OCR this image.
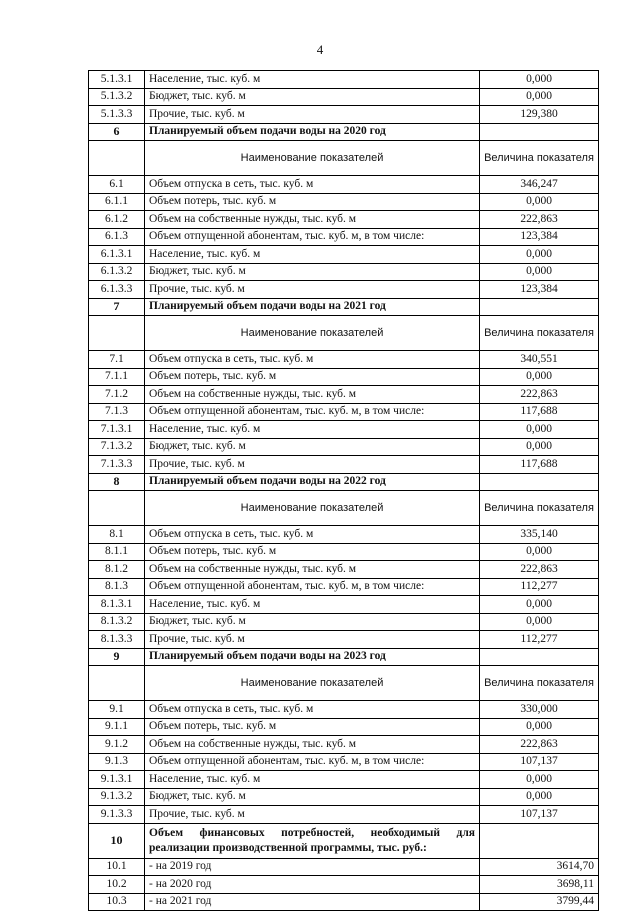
4
5.1.3.1	Население, тыс. куб. м	0,000
5.1.3.2	Бюджет, тыс. куб. м	0,000
5.1.3.3	Прочие, тыс. куб. м	129,380
6	Планируемый объем подачи воды на 2020 год	
	Наименование показателей	Величина показателя
6.1	Объем отпуска в сеть, тыс. куб. м	346,247
6.1.1	Объем потерь, тыс. куб. м	0,000
6.1.2	Объем на собственные нужды, тыс. куб. м	222,863
6.1.3	Объем отпущенной абонентам, тыс. куб. м, в том числе:	123,384
6.1.3.1	Население, тыс. куб. м	0,000
6.1.3.2	Бюджет, тыс. куб. м	0,000
6.1.3.3	Прочие, тыс. куб. м	123,384
7	Планируемый объем подачи воды на 2021 год	
	Наименование показателей	Величина показателя
7.1	Объем отпуска в сеть, тыс. куб. м	340,551
7.1.1	Объем потерь, тыс. куб. м	0,000
7.1.2	Объем на собственные нужды, тыс. куб. м	222,863
7.1.3	Объем отпущенной абонентам, тыс. куб. м, в том числе:	117,688
7.1.3.1	Население, тыс. куб. м	0,000
7.1.3.2	Бюджет, тыс. куб. м	0,000
7.1.3.3	Прочие, тыс. куб. м	117,688
8	Планируемый объем подачи воды на 2022 год	
	Наименование показателей	Величина показателя
8.1	Объем отпуска в сеть, тыс. куб. м	335,140
8.1.1	Объем потерь, тыс. куб. м	0,000
8.1.2	Объем на собственные нужды, тыс. куб. м	222,863
8.1.3	Объем отпущенной абонентам, тыс. куб. м, в том числе:	112,277
8.1.3.1	Население, тыс. куб. м	0,000
8.1.3.2	Бюджет, тыс. куб. м	0,000
8.1.3.3	Прочие, тыс. куб. м	112,277
9	Планируемый объем подачи воды на 2023 год	
	Наименование показателей	Величина показателя
9.1	Объем отпуска в сеть, тыс. куб. м	330,000
9.1.1	Объем потерь, тыс. куб. м	0,000
9.1.2	Объем на собственные нужды, тыс. куб. м	222,863
9.1.3	Объем отпущенной абонентам, тыс. куб. м, в том числе:	107,137
9.1.3.1	Население, тыс. куб. м	0,000
9.1.3.2	Бюджет, тыс. куб. м	0,000
9.1.3.3	Прочие, тыс. куб. м	107,137
10	Объем финансовых потребностей, необходимый для реализации производственной программы, тыс. руб.:	
10.1	- на 2019 год	3614,70
10.2	- на 2020 год	3698,11
10.3	- на 2021 год	3799,44
